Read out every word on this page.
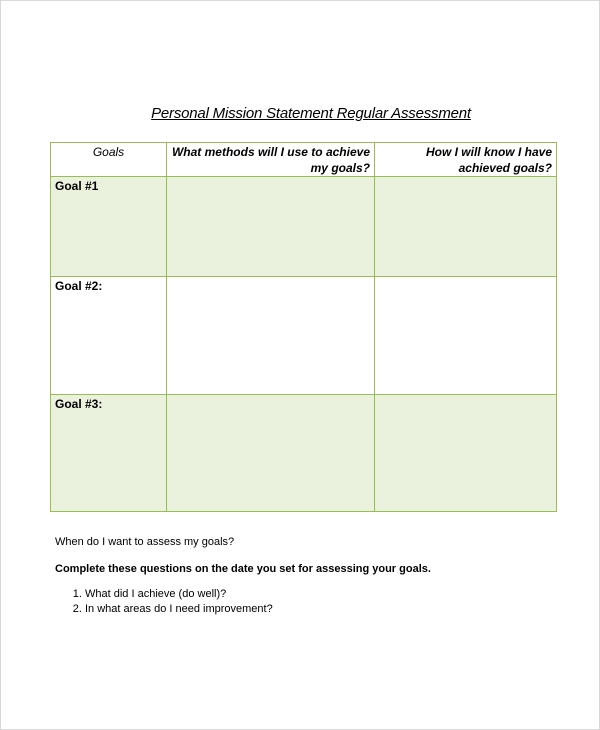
Personal Mission Statement Regular Assessment
Goals	What methods will I use to achieve my goals?	How I will know I have achieved goals?
Goal #1		
Goal #2:		
Goal #3:		
When do I want to assess my goals?
Complete these questions on the date you set for assessing your goals.
1. What did I achieve (do well)?
2. In what areas do I need improvement?
